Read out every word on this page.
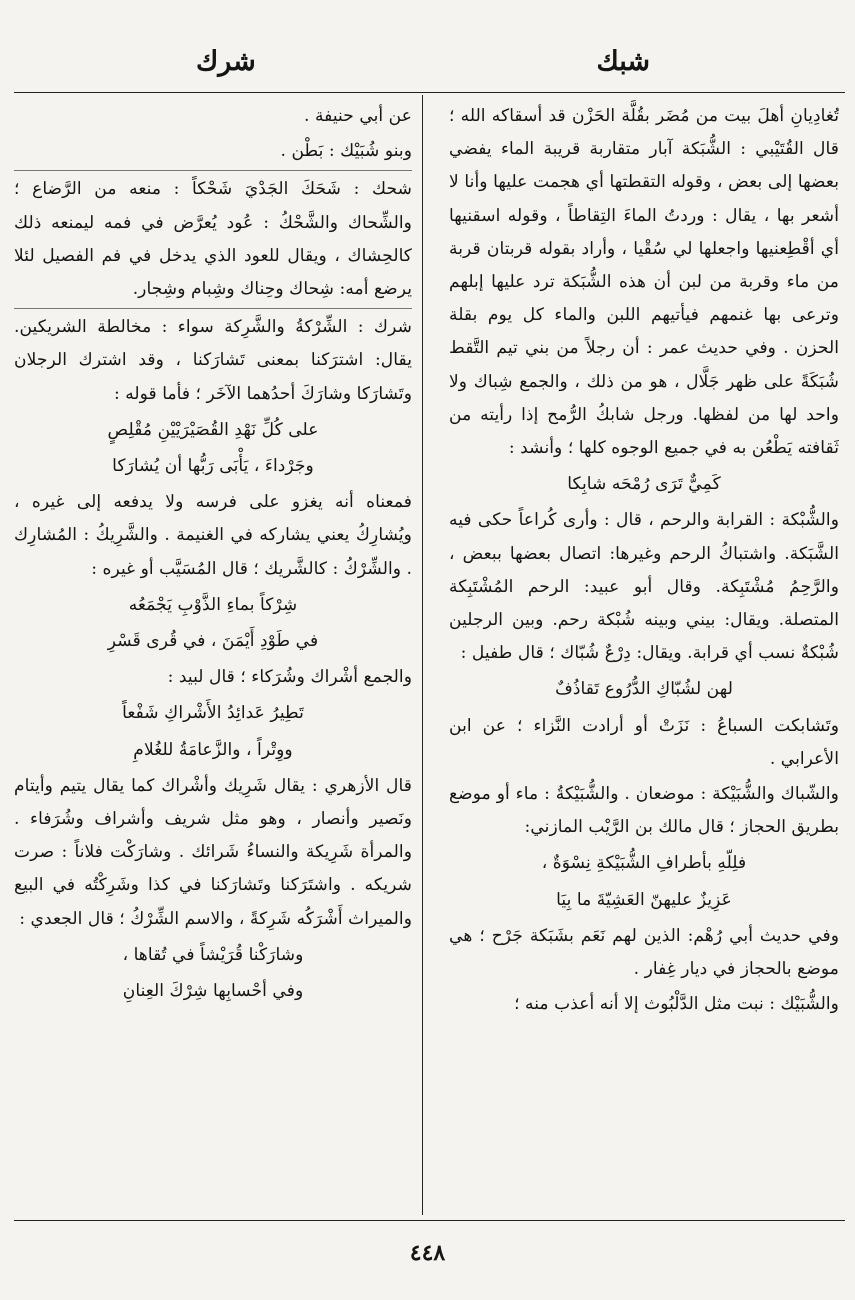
شبك
شرك

تُغادِيانِ أهلَ بيت من مُضَر بقُلَّة الحَزْن قد أسقاكه الله ؛ قال القُتَيْبي : الشُّبَكة آبار متقاربة قريبة الماء يفضي بعضها إلى بعض ، وقوله التقطتها أي هجمت عليها وأنا لا أشعر بها ، يقال : وردتُ الماءَ التِقاطاً ، وقوله اسقنيها أي أقْطِعنيها واجعلها لي سُقْيا ، وأراد بقوله قربتان قربة من ماء وقربة من لبن أن هذه الشُّبَكة ترد عليها إبلهم وترعى بها غنمهم فيأتيهم اللبن والماء كل يوم بقلة الحزن . وفي حديث عمر : أن رجلاً من بني تيم التَّقط شُبَكَةً على ظهر جَلَّال ، هو من ذلك ، والجمع شِباك ولا واحد لها من لفظها. ورجل شابكُ الرُّمح إذا رأيته من ثَقافته يَطْعُن به في جميع الوجوه كلها ؛ وأنشد :

كَمِيٌّ تَرَى رُمْحَه شابِكا

والشُّبْكة : القرابة والرحم ، قال : وأرى كُراعاً حكى فيه الشَّبَكة. واشتباكُ الرحم وغيرها: اتصال بعضها ببعض ، والرَّحِمُ مُشْتَبِكة. وقال أبو عبيد: الرحم المُشْتَبِكة المتصلة. ويقال: بيني وبينه شُبْكة رحم. وبين الرجلين شُبْكةٌ نسب أي قرابة. ويقال: دِرْعٌ شُبّاك ؛ قال طفيل :

لهن لشُبّاكِ الدُّرُوع تَقاذُفٌ

وتَشابكت السباعُ : نَزَتْ أو أرادت النَّزاء ؛ عن ابن الأعرابي .

والشّباك والشُّبَيْكة : موضعان . والشُّبَيْكةُ : ماء أو موضع بطريق الحجاز ؛ قال مالك بن الرَّيْب المازني:

فلِلّهِ بأطرافِ الشُّبَيْكةِ نِسْوَةٌ ،

عَزِيزٌ عليهنّ العَشِيّةَ ما بِيَا

وفي حديث أبي رُهْم: الذين لهم نَعَم بشَبَكة جَرْح ؛ هي موضع بالحجاز في ديار غِفار .

والشُّبَيْك : نبت مثل الدَّلْبُوث إلا أنه أعذب منه ؛

عن أبي حنيفة .

وبنو شُبَيْك : بَطْن .

شحك : شَحَكَ الجَدْيَ شَحْكاً : منعه من الرَّضاع ؛ والشِّحاك والشَّحْكُ : عُود يُعرَّض في فمه ليمنعه ذلك كالحِشاك ، ويقال للعود الذي يدخل في فم الفصيل لئلا يرضع أمه: شِحاك وحِناك وشِبام وشِجار.

شرك : الشِّرْكةُ والشَّرِكة سواء : مخالطة الشريكين. يقال: اشترَكنا بمعنى تَشارَكنا ، وقد اشترك الرجلان وتَشارَكا وشارَكَ أحدُهما الآخَر ؛ فأما قوله :

على كُلِّ نَهْدِ القُصَيْرَيْيْنِ مُقْلِصٍ

وجَرْداءَ ، يَأْبَى رَبُّها أن يُشارَكا

فمعناه أنه يغزو على فرسه ولا يدفعه إلى غيره ، ويُشارِكُ يعني يشاركه في الغنيمة . والشَّرِيكُ : المُشارِك . والشِّرْكُ : كالشَّريك ؛ قال المُسَيَّب أو غيره :

شِرْكاً بماءِ الذَّوْبِ يَجْمَعُه

في طَوْدِ أَيْمَنَ ، في قُرى قَسْرِ

والجمع أشْراك وشُرَكاء ؛ قال لبيد :

تَطِيرُ عَدائِدُ الأَشْراكِ شَفْعاً

ووِتْراً ، والزَّعامَةُ للغُلامِ

قال الأزهري : يقال شَرِيك وأشْراك كما يقال يتيم وأيتام ونَصير وأنصار ، وهو مثل شريف وأشراف وشُرَفاء . والمرأة شَرِيكة والنساءُ شَرائك . وشارَكْت فلاناً : صرت شريكه . واشتَرَكنا وتَشارَكنا في كذا وشَرِكْتُه في البيع والميراث أَشْرَكُه شَرِكةً ، والاسم الشِّرْكُ ؛ قال الجعدي :

وشارَكْنا قُرَيْشاً في تُقاها ،

وفي أحْسابِها شِرْكَ العِنانِ

٤٤٨
